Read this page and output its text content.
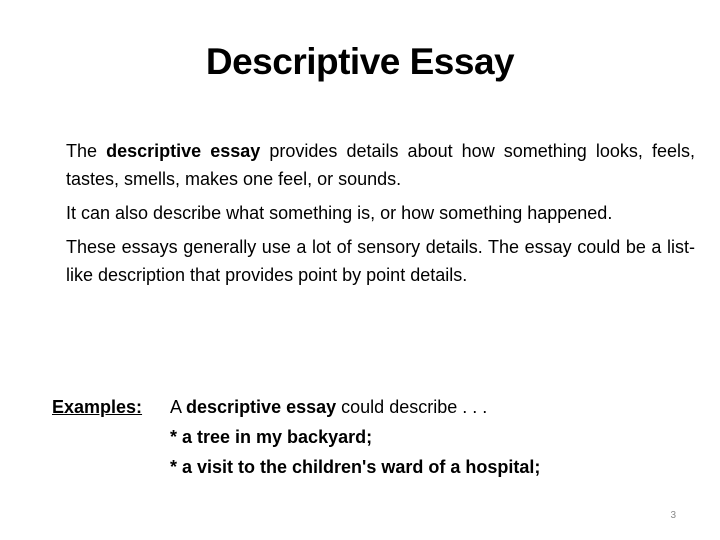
Descriptive Essay

The descriptive essay provides details about how something looks, feels, tastes, smells, makes one feel, or sounds.

It can also describe what something is, or how something happened.

These essays generally use a lot of sensory details. The essay could be a list-like description that provides point by point details.

Examples:	A descriptive essay could describe . . .
* a tree in my backyard;
* a visit to the children's ward of a hospital;
3
